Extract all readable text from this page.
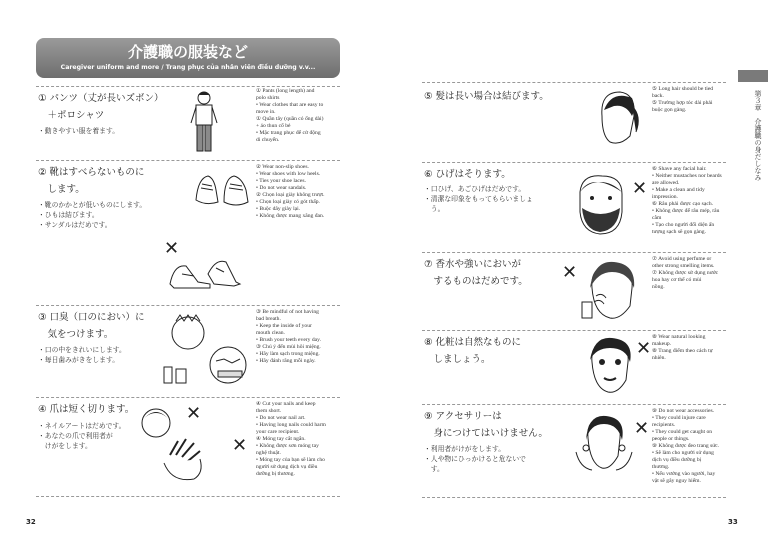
介護職の服装など
Caregiver uniform and more / Trang phục của nhân viên điều dưỡng v.v...
① パンツ（丈が長いズボン）
　＋ポロシャツ
・動きやすい服を着ます。
① Pants (long length) and
polo shirts
• Wear clothes that are easy to
move in.
① Quần tây (quần có ống dài)
+ áo thun cổ bẻ
• Mặc trang phục để cử động
di chuyển.
② 靴はすべらないものに
　します。
・靴のかかとが低いものにします。
・ひもは結びます。
・サンダルはだめです。
✕
② Wear non-slip shoes.
• Wear shoes with low heels.
• Ties your shoe laces.
• Do not wear sandals.
② Chọn loại giày không trượt.
• Chọn loại giày có gót thấp.
• Buộc dây giày lại.
• Không được mang xăng đan.
③ 口臭（口のにおい）に
　気をつけます。
・口の中をきれいにします。
・毎日歯みがきをします。
③ Be mindful of not having
bad breath.
• Keep the inside of your
mouth clean.
• Brush your teeth every day.
③ Chú ý đến mùi hôi miệng.
• Hãy làm sạch trong miệng.
• Hãy đánh răng mỗi ngày.
④ 爪は短く切ります。
・ネイルアートはだめです。
・あなたの爪で利用者が
　けがをします。
✕
✕
④ Cut your nails and keep
them short.
• Do not wear nail art.
• Having long nails could harm
your care recipient.
④ Móng tay cắt ngắn.
• Không được sơn móng tay
nghệ thuật.
• Móng tay của bạn sẽ làm cho
người sử dụng dịch vụ điều
dưỡng bị thương.
32
⑤ 髪は長い場合は結びます。
⑤ Long hair should be tied
back.
⑤ Trường hợp tóc dài phải
buộc gọn gàng.
⑥ ひげはそります。
・口ひげ、あごひげはだめです。
・清潔な印象をもってもらいましょ
　う。
✕
⑥ Shave any facial hair.
• Neither mustaches nor beards
are allowed.
• Make a clean and tidy
impression.
⑥ Râu phải được cạo sạch.
• Không được để râu mép, râu
cằm
• Tạo cho người đối diện ấn
tượng sạch sẽ gọn gàng.
⑦ 香水や強いにおいが
　するものはだめです。	✕
⑦ Avoid using perfume or
other strong smelling items.
⑦ Không được sử dụng nước
hoa hay cơ thể có mùi
nồng.
⑧ 化粧は自然なものに
　しましょう。
✕
⑧ Wear natural looking
makeup.
⑧ Trang điểm theo cách tự
nhiên.
⑨ アクセサリーは
　身につけてはいけません。
・利用者がけがをします。
・人や物にひっかけると危ないで
　す。
✕
⑨ Do not wear accessories.
• They could injure care
recipients.
• They could get caught on
people or things.
⑨ Không được đeo trang sức.
• Sẽ làm cho người sử dụng
dịch vụ điều dưỡng bị
thương.
• Nếu vướng vào người, hay
vật sẽ gây nguy hiểm.
第３章　介護職の身だしなみ
33
